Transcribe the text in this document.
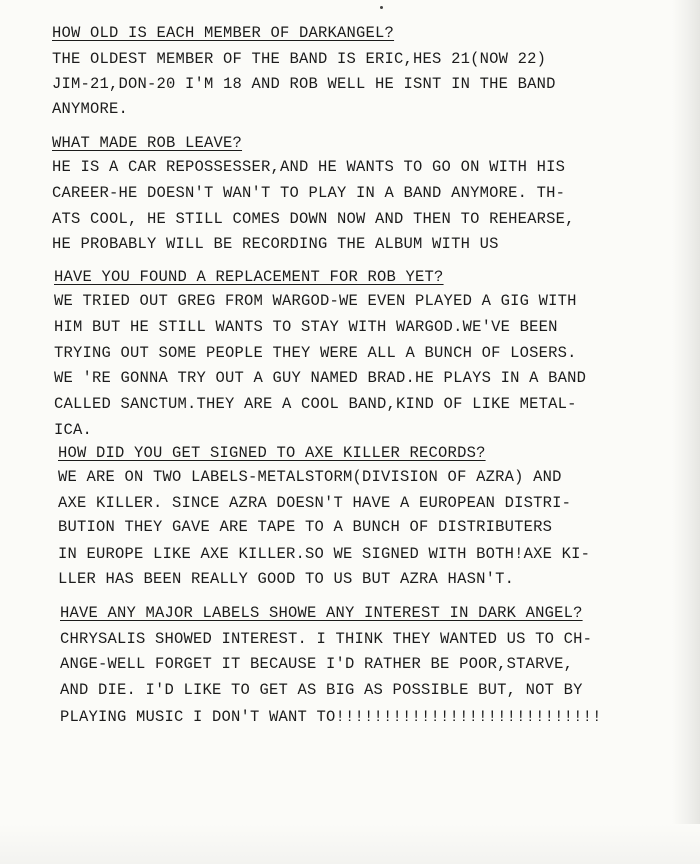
HOW OLD IS EACH MEMBER OF DARKANGEL?

THE OLDEST MEMBER OF THE BAND IS ERIC,HES 21(NOW 22)

JIM-21,DON-20 I'M 18 AND ROB WELL HE ISNT IN THE BAND

ANYMORE.

WHAT MADE ROB LEAVE?

HE IS A CAR REPOSSESSER,AND HE WANTS TO GO ON WITH HIS

CAREER-HE DOESN'T WAN'T TO PLAY IN A BAND ANYMORE. TH-

ATS COOL, HE STILL COMES DOWN NOW AND THEN TO REHEARSE,

HE PROBABLY WILL BE RECORDING THE ALBUM WITH US

HAVE YOU FOUND A REPLACEMENT FOR ROB YET?

WE TRIED OUT GREG FROM WARGOD-WE EVEN PLAYED A GIG WITH

HIM BUT HE STILL WANTS TO STAY WITH WARGOD.WE'VE BEEN

TRYING OUT SOME PEOPLE THEY WERE ALL A BUNCH OF LOSERS.

WE 'RE GONNA TRY OUT A GUY NAMED BRAD.HE PLAYS IN A BAND

CALLED SANCTUM.THEY ARE A COOL BAND,KIND OF LIKE METAL-

ICA.

HOW DID YOU GET SIGNED TO AXE KILLER RECORDS?

WE ARE ON TWO LABELS-METALSTORM(DIVISION OF AZRA) AND

AXE KILLER. SINCE AZRA DOESN'T HAVE A EUROPEAN DISTRI-

BUTION THEY GAVE ARE TAPE TO A BUNCH OF DISTRIBUTERS

IN EUROPE LIKE AXE KILLER.SO WE SIGNED WITH BOTH!AXE KI-

LLER HAS BEEN REALLY GOOD TO US BUT AZRA HASN'T.

HAVE ANY MAJOR LABELS SHOWE ANY INTEREST IN DARK ANGEL?

CHRYSALIS SHOWED INTEREST. I THINK THEY WANTED US TO CH-

ANGE-WELL FORGET IT BECAUSE I'D RATHER BE POOR,STARVE,

AND DIE. I'D LIKE TO GET AS BIG AS POSSIBLE BUT, NOT BY

PLAYING MUSIC I DON'T WANT TO!!!!!!!!!!!!!!!!!!!!!!!!!!!!
